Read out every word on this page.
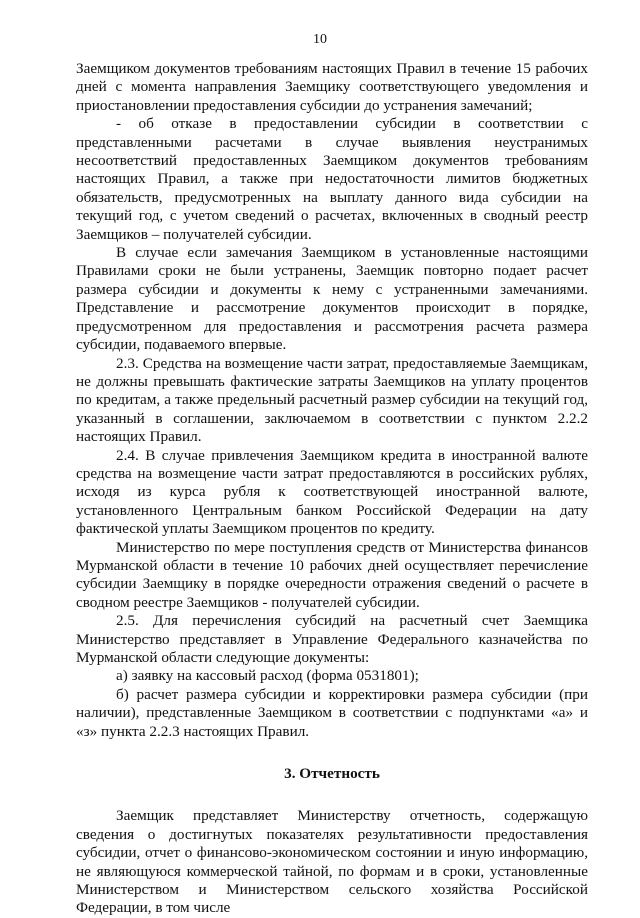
10

Заемщиком документов требованиям настоящих Правил в течение 15 рабочих дней с момента направления Заемщику соответствующего уведомления и приостановлении предоставления субсидии до устранения замечаний;

- об отказе в предоставлении субсидии в соответствии с представленными расчетами в случае выявления неустранимых несоответствий предоставленных Заемщиком документов требованиям настоящих Правил, а также при недостаточности лимитов бюджетных обязательств, предусмотренных на выплату данного вида субсидии на текущий год, с учетом сведений о расчетах, включенных в сводный реестр Заемщиков – получателей субсидии.

В случае если замечания Заемщиком в установленные настоящими Правилами сроки не были устранены, Заемщик повторно подает расчет размера субсидии и документы к нему с устраненными замечаниями. Представление и рассмотрение документов происходит в порядке, предусмотренном для предоставления и рассмотрения расчета размера субсидии, подаваемого впервые.

2.3. Средства на возмещение части затрат, предоставляемые Заемщикам, не должны превышать фактические затраты Заемщиков на уплату процентов по кредитам, а также предельный расчетный размер субсидии на текущий год, указанный в соглашении, заключаемом в соответствии с пунктом 2.2.2 настоящих Правил.

2.4. В случае привлечения Заемщиком кредита в иностранной валюте средства на возмещение части затрат предоставляются в российских рублях, исходя из курса рубля к соответствующей иностранной валюте, установленного Центральным банком Российской Федерации на дату фактической уплаты Заемщиком процентов по кредиту.

Министерство по мере поступления средств от Министерства финансов Мурманской области в течение 10 рабочих дней осуществляет перечисление субсидии Заемщику в порядке очередности отражения сведений о расчете в сводном реестре Заемщиков - получателей субсидии.

2.5. Для перечисления субсидий на расчетный счет Заемщика Министерство представляет в Управление Федерального казначейства по Мурманской области следующие документы:

а) заявку на кассовый расход (форма 0531801);

б) расчет размера субсидии и корректировки размера субсидии (при наличии), представленные Заемщиком в соответствии с подпунктами «а» и «з» пункта 2.2.3 настоящих Правил.

3. Отчетность

Заемщик представляет Министерству отчетность, содержащую сведения о достигнутых показателях результативности предоставления субсидии, отчет о финансово-экономическом состоянии и иную информацию, не являющуюся коммерческой тайной, по формам и в сроки, установленные Министерством и Министерством сельского хозяйства Российской Федерации, в том числе
